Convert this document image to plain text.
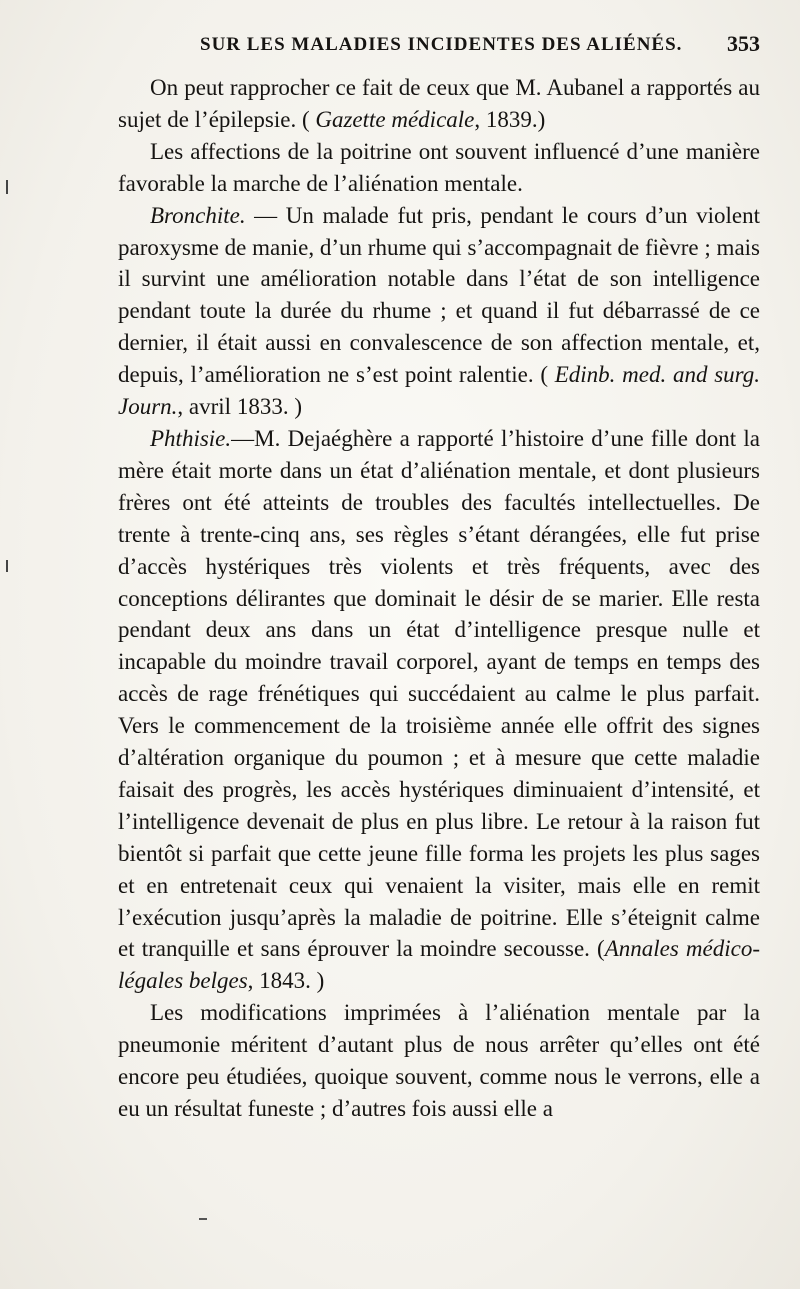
SUR LES MALADIES INCIDENTES DES ALIÉNÉS. 353

On peut rapprocher ce fait de ceux que M. Aubanel a rapportés au sujet de l’épilepsie. ( Gazette médicale, 1839.)

Les affections de la poitrine ont souvent influencé d’une manière favorable la marche de l’aliénation mentale.

Bronchite. — Un malade fut pris, pendant le cours d’un violent paroxysme de manie, d’un rhume qui s’accompagnait de fièvre ; mais il survint une amélioration notable dans l’état de son intelligence pendant toute la durée du rhume ; et quand il fut débarrassé de ce dernier, il était aussi en convalescence de son affection mentale, et, depuis, l’amélioration ne s’est point ralentie. ( Edinb. med. and surg. Journ., avril 1833. )

Phthisie.—M. Dejaéghère a rapporté l’histoire d’une fille dont la mère était morte dans un état d’aliénation mentale, et dont plusieurs frères ont été atteints de troubles des facultés intellectuelles. De trente à trente-cinq ans, ses règles s’étant dérangées, elle fut prise d’accès hystériques très violents et très fréquents, avec des conceptions délirantes que dominait le désir de se marier. Elle resta pendant deux ans dans un état d’intelligence presque nulle et incapable du moindre travail corporel, ayant de temps en temps des accès de rage frénétiques qui succédaient au calme le plus parfait. Vers le commencement de la troisième année elle offrit des signes d’altération organique du poumon ; et à mesure que cette maladie faisait des progrès, les accès hystériques diminuaient d’intensité, et l’intelligence devenait de plus en plus libre. Le retour à la raison fut bientôt si parfait que cette jeune fille forma les projets les plus sages et en entretenait ceux qui venaient la visiter, mais elle en remit l’exécution jusqu’après la maladie de poitrine. Elle s’éteignit calme et tranquille et sans éprouver la moindre secousse. (Annales médico-légales belges, 1843. )

Les modifications imprimées à l’aliénation mentale par la pneumonie méritent d’autant plus de nous arrêter qu’elles ont été encore peu étudiées, quoique souvent, comme nous le verrons, elle a eu un résultat funeste ; d’autres fois aussi elle a
